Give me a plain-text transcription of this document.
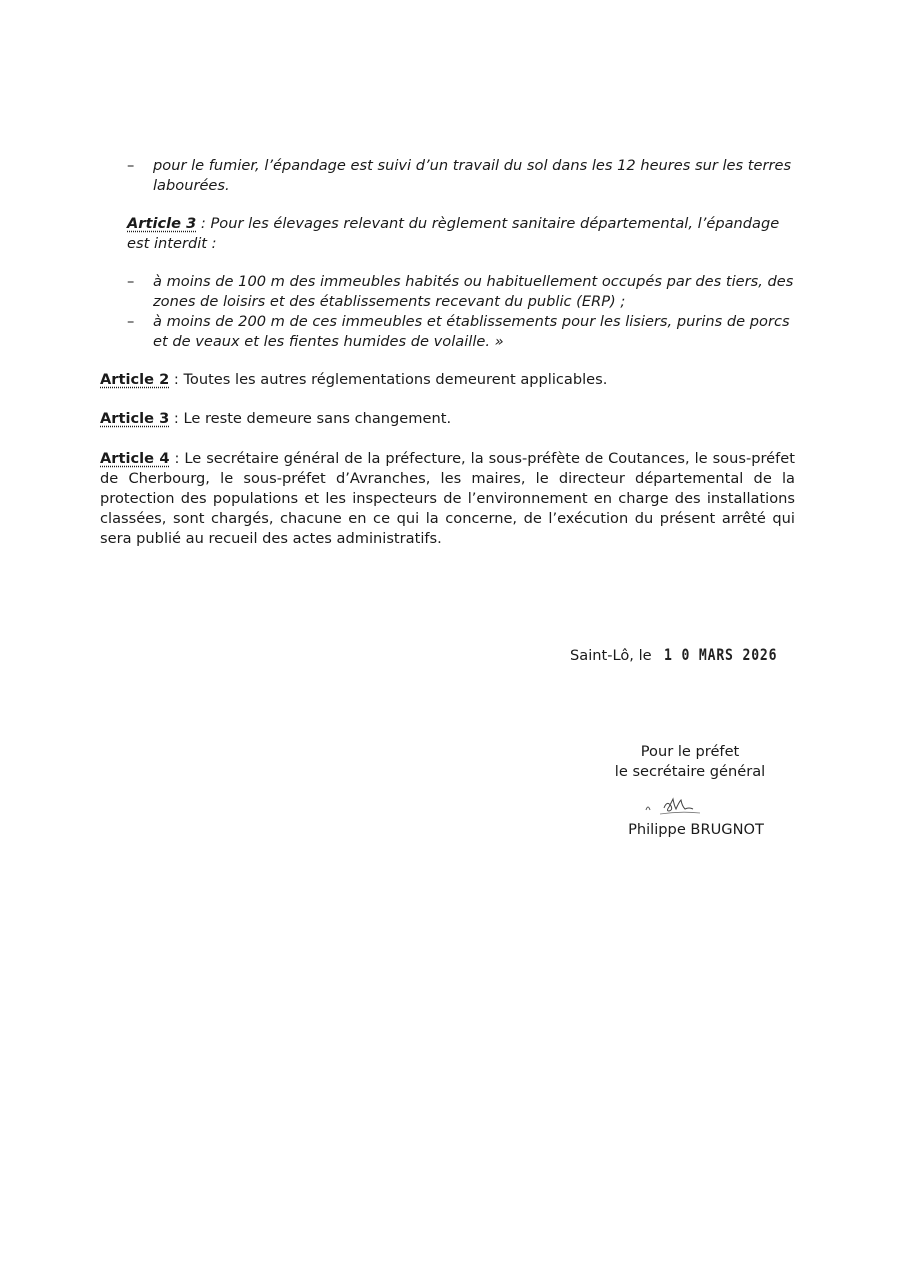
– pour le fumier, l’épandage est suivi d’un travail du sol dans les 12 heures sur les terres labourées.
Article 3 : Pour les élevages relevant du règlement sanitaire départemental, l’épandage est interdit :
– à moins de 100 m des immeubles habités ou habituellement occupés par des tiers, des zones de loisirs et des établissements recevant du public (ERP) ;
– à moins de 200 m de ces immeubles et établissements pour les lisiers, purins de porcs et de veaux et les fientes humides de volaille. »
Article 2 : Toutes les autres réglementations demeurent applicables.
Article 3 : Le reste demeure sans changement.
Article 4 : Le secrétaire général de la préfecture, la sous-préfète de Coutances, le sous-préfet de Cherbourg, le sous-préfet d’Avranches, les maires, le directeur départemental de la protection des populations et les inspecteurs de l’environnement en charge des installations classées, sont chargés, chacune en ce qui la concerne, de l’exécution du présent arrêté qui sera publié au recueil des actes administratifs.
Saint-Lô, le 1 0 MARS 2026
Pour le préfet
le secrétaire général
Philippe BRUGNOT
